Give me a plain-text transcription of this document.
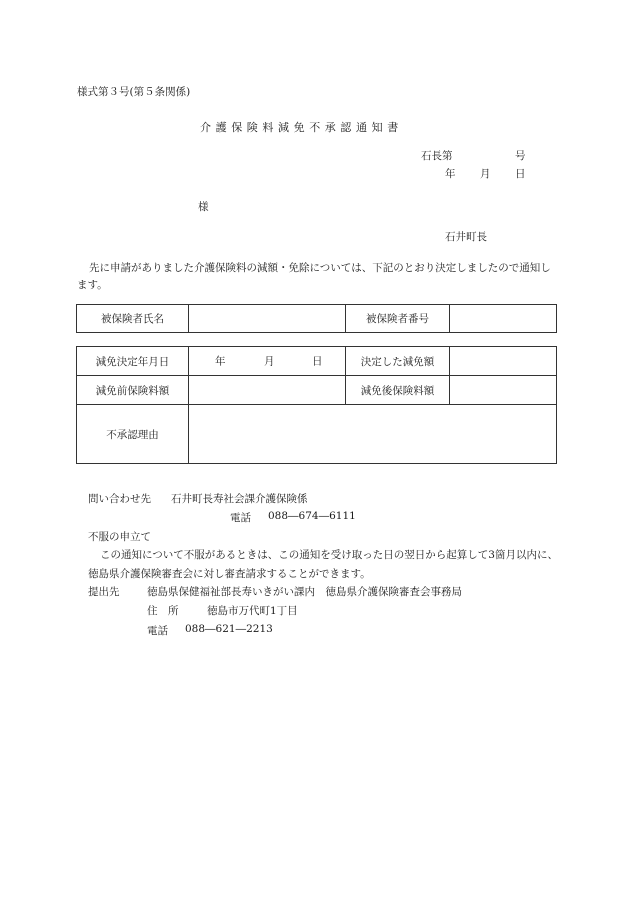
様式第３号(第５条関係)
介護保険料減免不承認通知書
石長第	号
年 月 日
様
石井町長
先に申請がありました介護保険料の減額・免除については、下記のとおり決定しましたので通知します。
被保険者氏名		被保険者番号	
減免決定年月日	年 月 日	決定した減免額	
減免前保険料額		減免後保険料額	
不承認理由			
問い合わせ先 石井町長寿社会課介護保険係
電話 088―674―6111
不服の申立て
この通知について不服があるときは、この通知を受け取った日の翌日から起算して3箇月以内に、徳島県介護保険審査会に対し審査請求することができます。
提出先	徳島県保健福祉部長寿いきがい課内　徳島県介護保険審査会事務局
住　所	徳島市万代町1丁目
電話 088―621―2213
